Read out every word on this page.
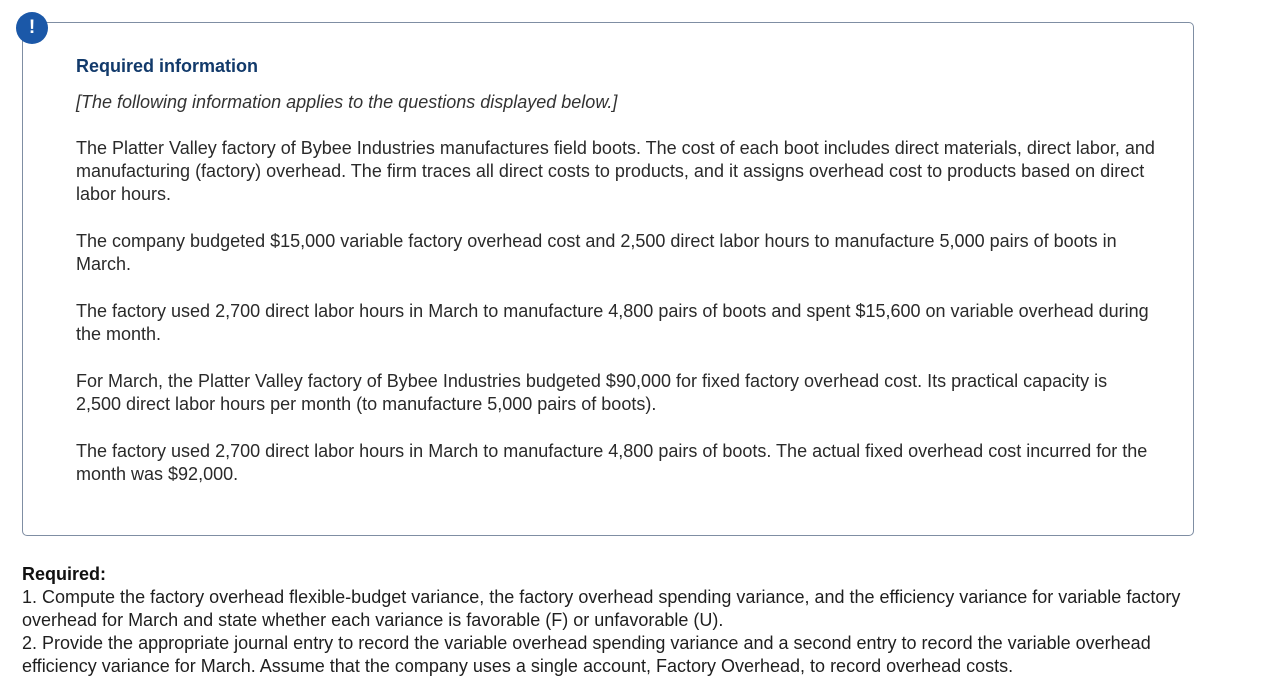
!

Required information

[The following information applies to the questions displayed below.]

The Platter Valley factory of Bybee Industries manufactures field boots. The cost of each boot includes direct materials, direct labor, and manufacturing (factory) overhead. The firm traces all direct costs to products, and it assigns overhead cost to products based on direct labor hours.

The company budgeted $15,000 variable factory overhead cost and 2,500 direct labor hours to manufacture 5,000 pairs of boots in March.

The factory used 2,700 direct labor hours in March to manufacture 4,800 pairs of boots and spent $15,600 on variable overhead during the month.

For March, the Platter Valley factory of Bybee Industries budgeted $90,000 for fixed factory overhead cost. Its practical capacity is 2,500 direct labor hours per month (to manufacture 5,000 pairs of boots).

The factory used 2,700 direct labor hours in March to manufacture 4,800 pairs of boots. The actual fixed overhead cost incurred for the month was $92,000.

Required:

1. Compute the factory overhead flexible-budget variance, the factory overhead spending variance, and the efficiency variance for variable factory overhead for March and state whether each variance is favorable (F) or unfavorable (U).

2. Provide the appropriate journal entry to record the variable overhead spending variance and a second entry to record the variable overhead efficiency variance for March. Assume that the company uses a single account, Factory Overhead, to record overhead costs.
